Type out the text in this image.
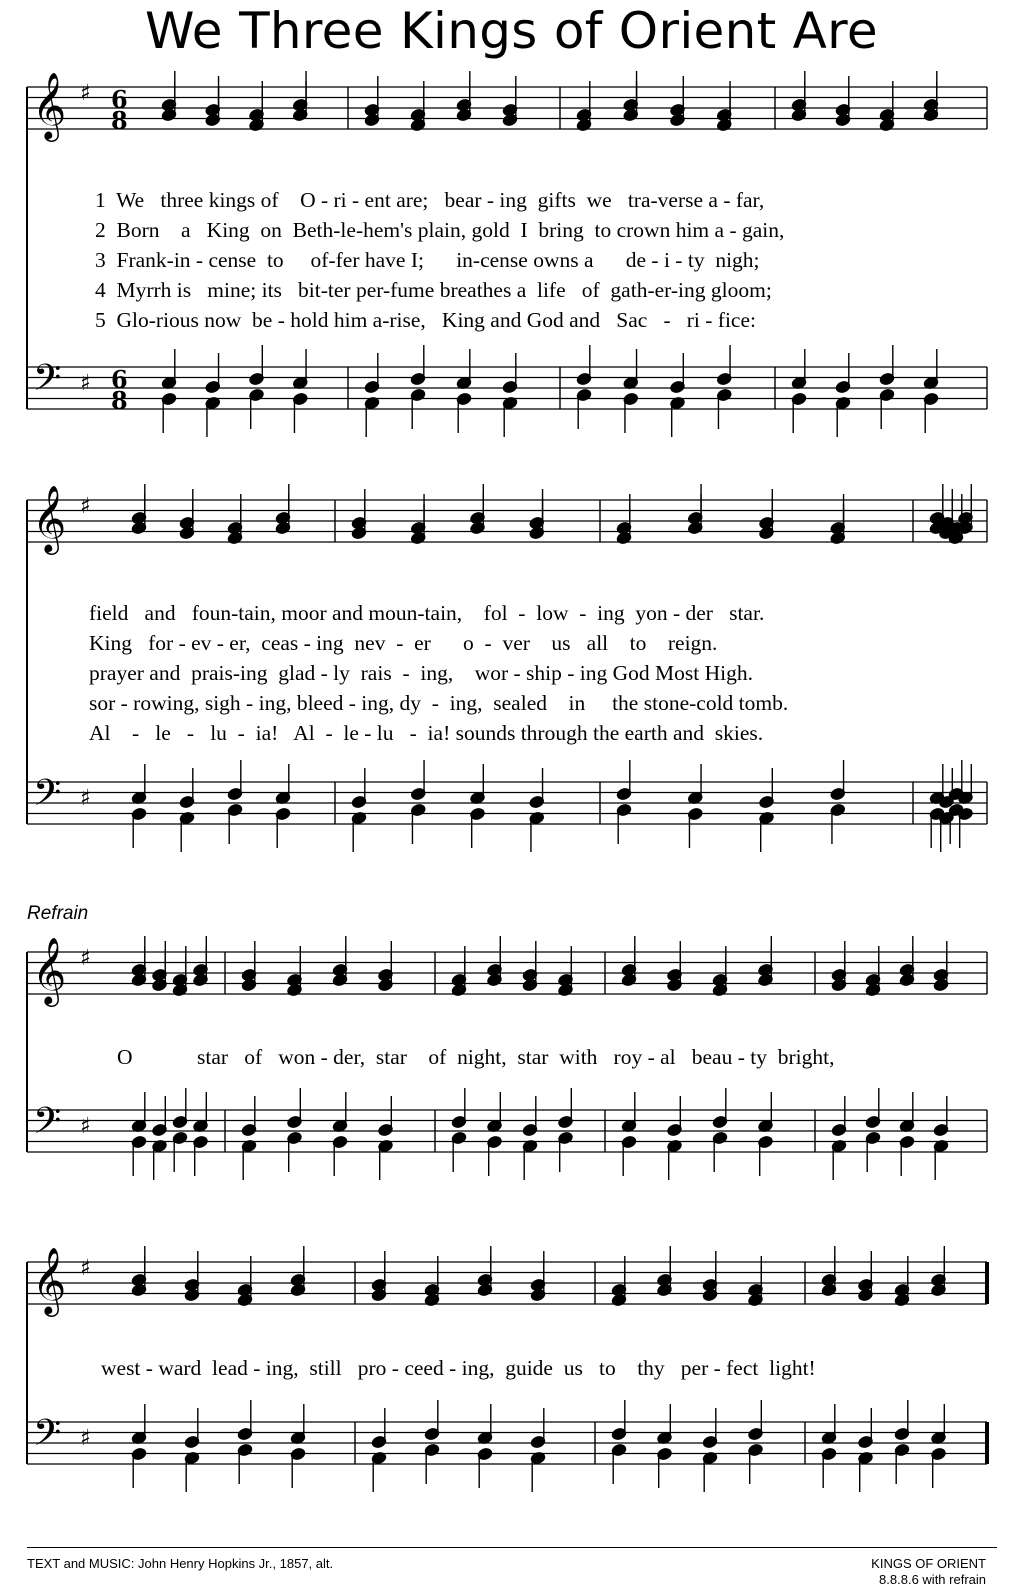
We Three Kings of Orient Are
𝄞
𝄢
♯
♯
6
8
6
8
𝄞
𝄢
♯
♯
𝄞
𝄢
♯
♯
𝄞
𝄢
♯
♯
1  We   three kings of    O - ri - ent are;   bear - ing  gifts  we   tra-verse a - far,
2  Born    a   King  on  Beth-le-hem's plain, gold  I  bring  to crown him a - gain,
3  Frank-in - cense  to     of-fer have I;      in-cense owns a      de - i - ty  nigh;
4  Myrrh is   mine; its   bit-ter per-fume breathes a  life   of  gath-er-ing gloom;
5  Glo-rious now  be - hold him a-rise,   King and God and   Sac   -   ri - fice:
field   and   foun-tain, moor and moun-tain,    fol  -  low  -  ing  yon - der   star.
King   for - ev - er,  ceas - ing  nev  -  er      o  -  ver    us   all    to    reign.
prayer and  prais-ing  glad - ly  rais  -  ing,    wor - ship - ing God Most High.
sor - rowing, sigh - ing, bleed - ing, dy  -  ing,  sealed    in     the stone-cold tomb.
Al    -   le   -   lu  -  ia!   Al  -  le - lu   -  ia! sounds through the earth and  skies.
Refrain
O            star   of   won - der,  star    of  night,  star  with   roy - al   beau - ty  bright,
west - ward  lead - ing,  still   pro - ceed - ing,  guide  us   to    thy   per - fect  light!
TEXT and MUSIC: John Henry Hopkins Jr., 1857, alt.	KINGS OF ORIENT
8.8.8.6 with refrain
